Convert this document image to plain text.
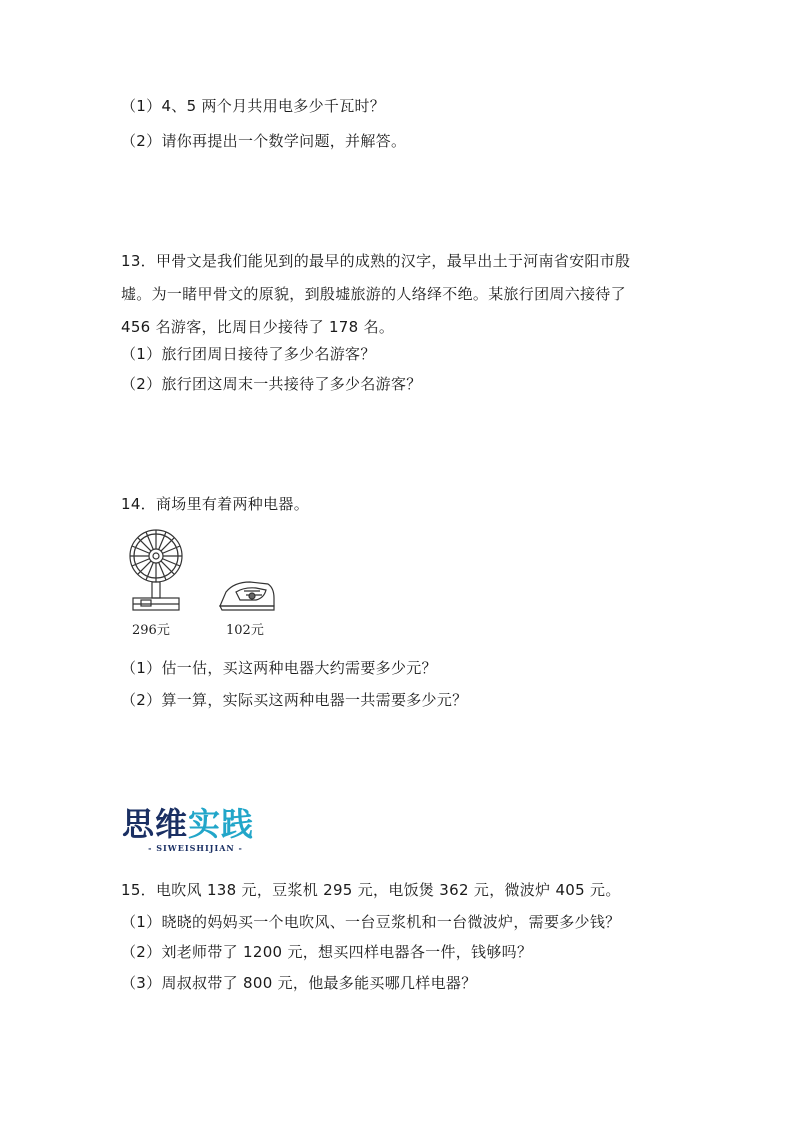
（1）4、5 两个月共用电多少千瓦时？
（2）请你再提出一个数学问题，并解答。
13．甲骨文是我们能见到的最早的成熟的汉字，最早出土于河南省安阳市殷
墟。为一睹甲骨文的原貌，到殷墟旅游的人络绎不绝。某旅行团周六接待了
456 名游客，比周日少接待了 178 名。
（1）旅行团周日接待了多少名游客？
（2）旅行团这周末一共接待了多少名游客？
14．商场里有着两种电器。
296元	102元
（1）估一估，买这两种电器大约需要多少元？
（2）算一算，实际买这两种电器一共需要多少元？
思维实践
- SIWEISHIJIAN -
15．电吹风 138 元，豆浆机 295 元，电饭煲 362 元，微波炉 405 元。
（1）晓晓的妈妈买一个电吹风、一台豆浆机和一台微波炉，需要多少钱？
（2）刘老师带了 1200 元，想买四样电器各一件，钱够吗？
（3）周叔叔带了 800 元，他最多能买哪几样电器？
